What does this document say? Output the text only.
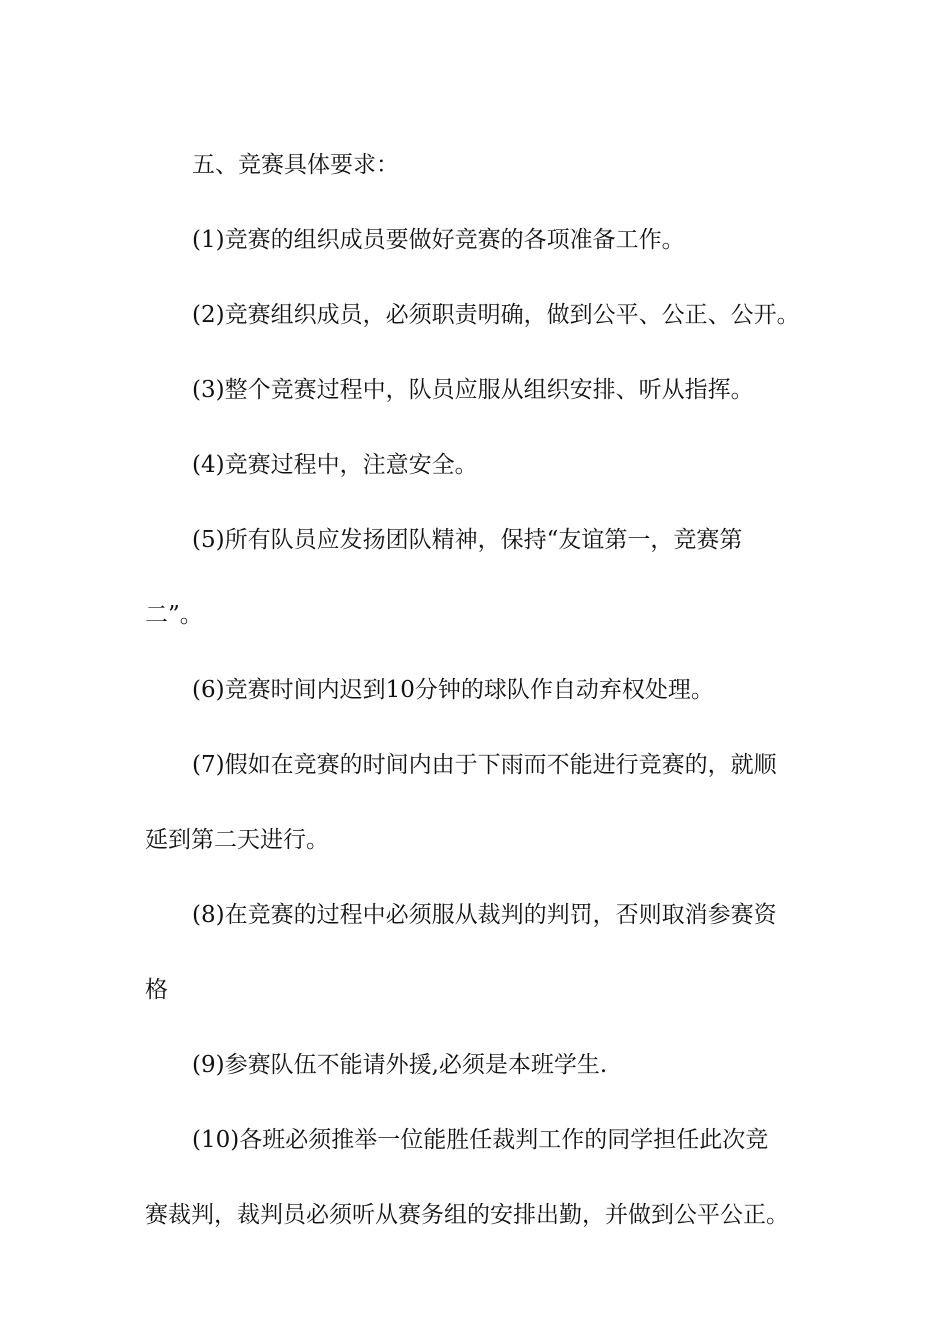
五、竞赛具体要求：

(1)竞赛的组织成员要做好竞赛的各项准备工作。

(2)竞赛组织成员，必须职责明确，做到公平、公正、公开。

(3)整个竞赛过程中，队员应服从组织安排、听从指挥。

(4)竞赛过程中，注意安全。

(5)所有队员应发扬团队精神，保持“友谊第一，竞赛第

二”。

(6)竞赛时间内迟到10分钟的球队作自动弃权处理。

(7)假如在竞赛的时间内由于下雨而不能进行竞赛的，就顺

延到第二天进行。

(8)在竞赛的过程中必须服从裁判的判罚，否则取消参赛资

格

(9)参赛队伍不能请外援,必须是本班学生.

(10)各班必须推举一位能胜任裁判工作的同学担任此次竞

赛裁判，裁判员必须听从赛务组的安排出勤，并做到公平公正。
